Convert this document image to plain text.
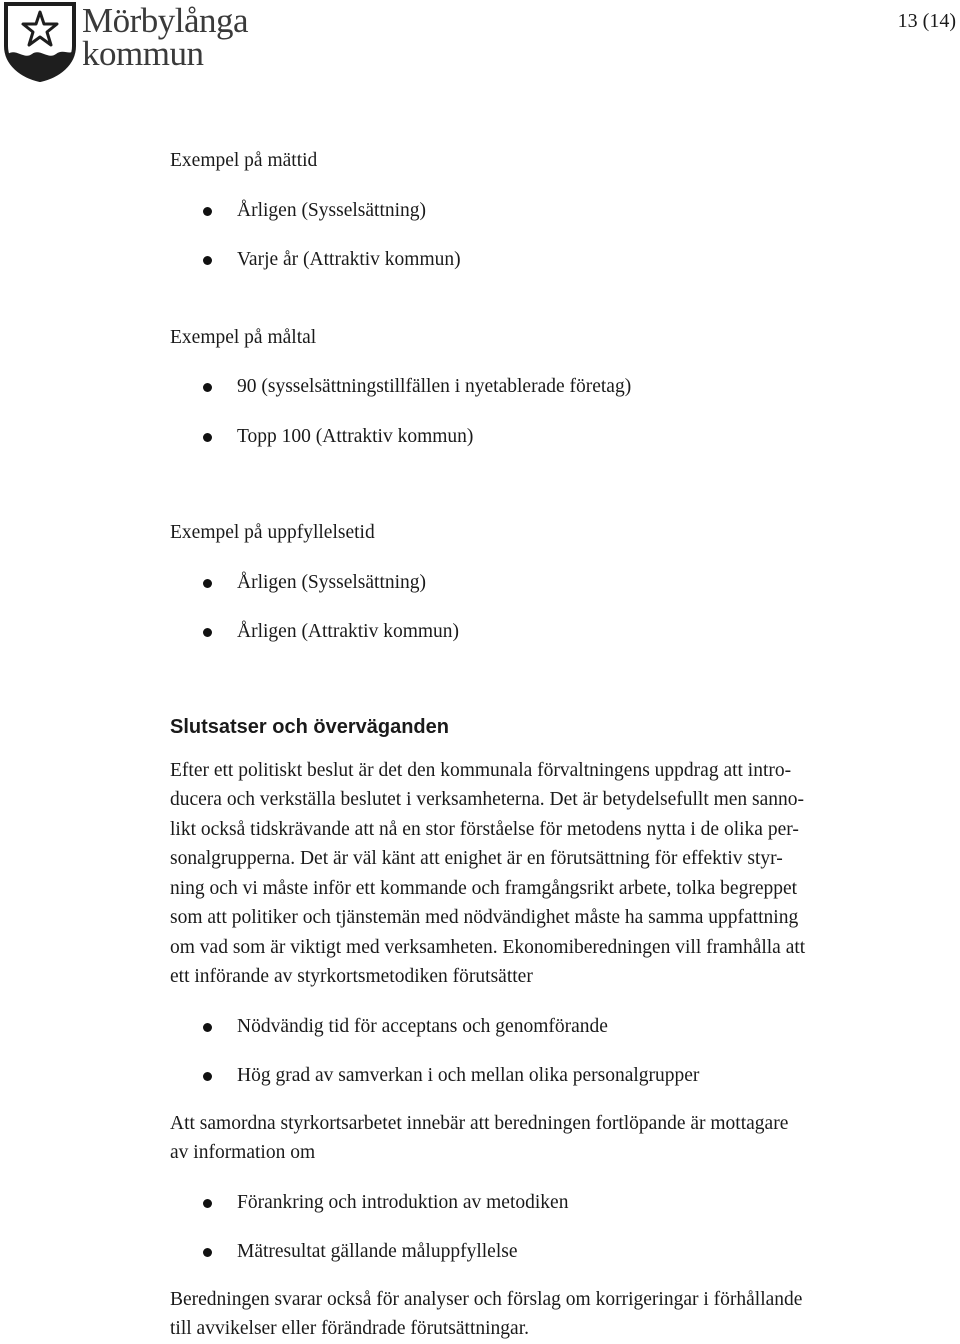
Mörbylånga
kommun
13 (14)

Exempel på mättid

Årligen (Sysselsättning)
Varje år (Attraktiv kommun)

Exempel på måltal

90 (sysselsättningstillfällen i nyetablerade företag)
Topp 100 (Attraktiv kommun)

Exempel på uppfyllelsetid

Årligen (Sysselsättning)
Årligen (Attraktiv kommun)
Slutsatser och överväganden
Efter ett politiskt beslut är det den kommunala förvaltningens uppdrag att intro-
ducera och verkställa beslutet i verksamheterna. Det är betydelsefullt men sanno-
likt också tidskrävande att nå en stor förståelse för metodens nytta i de olika per-
sonalgrupperna. Det är väl känt att enighet är en förutsättning för effektiv styr-
ning och vi måste inför ett kommande och framgångsrikt arbete, tolka begreppet
som att politiker och tjänstemän med nödvändighet måste ha samma uppfattning
om vad som är viktigt med verksamheten. Ekonomiberedningen vill framhålla att
ett införande av styrkortsmetodiken förutsätter
Nödvändig tid för acceptans och genomförande
Hög grad av samverkan i och mellan olika personalgrupper
Att samordna styrkortsarbetet innebär att beredningen fortlöpande är mottagare
av information om
Förankring och introduktion av metodiken
Mätresultat gällande måluppfyllelse
Beredningen svarar också för analyser och förslag om korrigeringar i förhållande
till avvikelser eller förändrade förutsättningar.
